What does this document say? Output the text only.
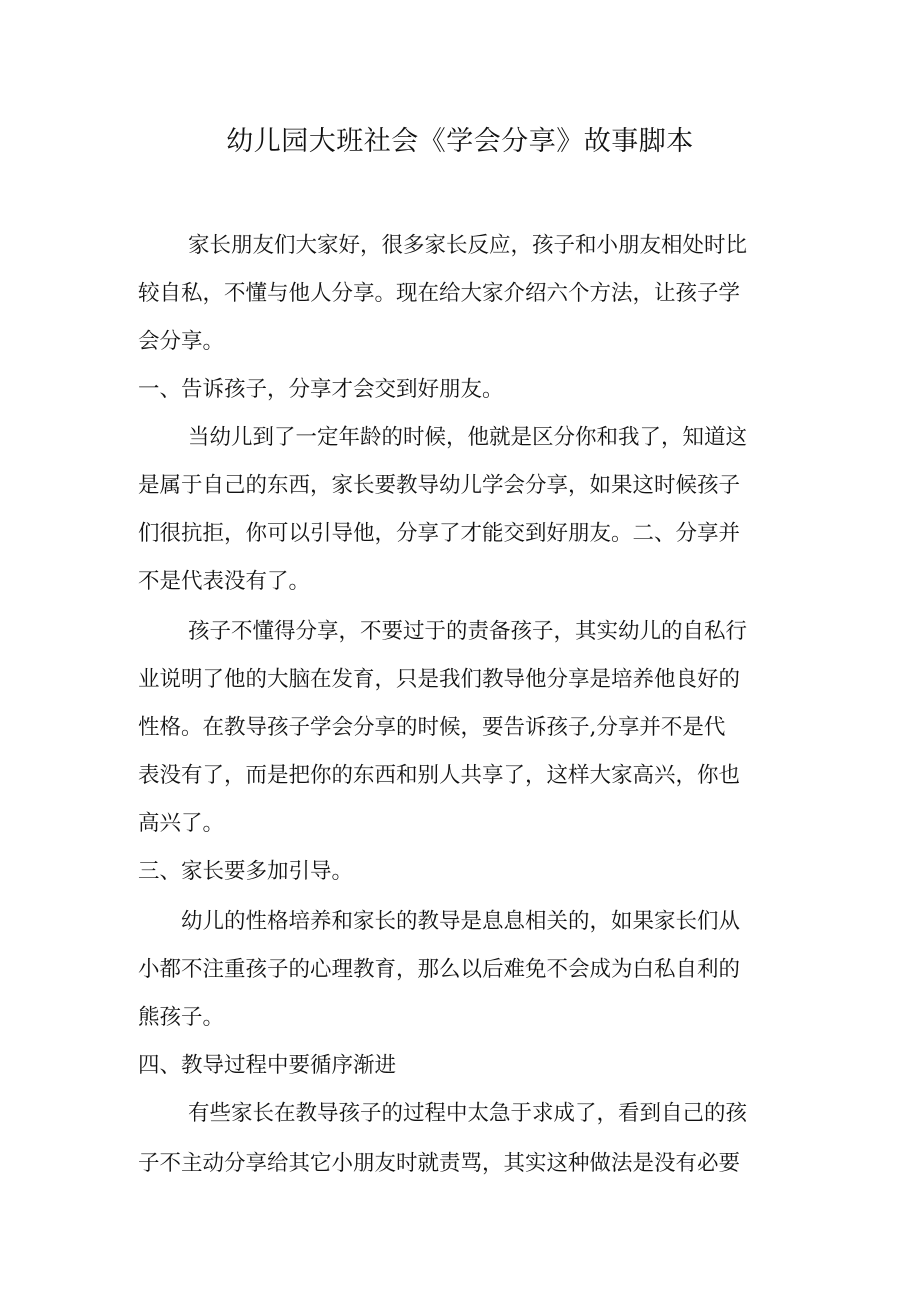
幼儿园大班社会《学会分享》故事脚本

家长朋友们大家好，很多家长反应，孩子和小朋友相处时比

较自私，不懂与他人分享。现在给大家介绍六个方法，让孩子学

会分享。

一、告诉孩子，分享才会交到好朋友。

当幼儿到了一定年龄的时候，他就是区分你和我了，知道这

是属于自己的东西，家长要教导幼儿学会分享，如果这时候孩子

们很抗拒，你可以引导他，分享了才能交到好朋友。二、分享并

不是代表没有了。

孩子不懂得分享，不要过于的责备孩子，其实幼儿的自私行

业说明了他的大脑在发育，只是我们教导他分享是培养他良好的

性格。在教导孩子学会分享的时候，要告诉孩子,分享并不是代

表没有了，而是把你的东西和别人共享了，这样大家高兴，你也

高兴了。

三、家长要多加引导。

幼儿的性格培养和家长的教导是息息相关的，如果家长们从

小都不注重孩子的心理教育，那么以后难免不会成为白私自利的

熊孩子。

四、教导过程中要循序渐进

有些家长在教导孩子的过程中太急于求成了，看到自己的孩

子不主动分享给其它小朋友时就责骂，其实这种做法是没有必要
